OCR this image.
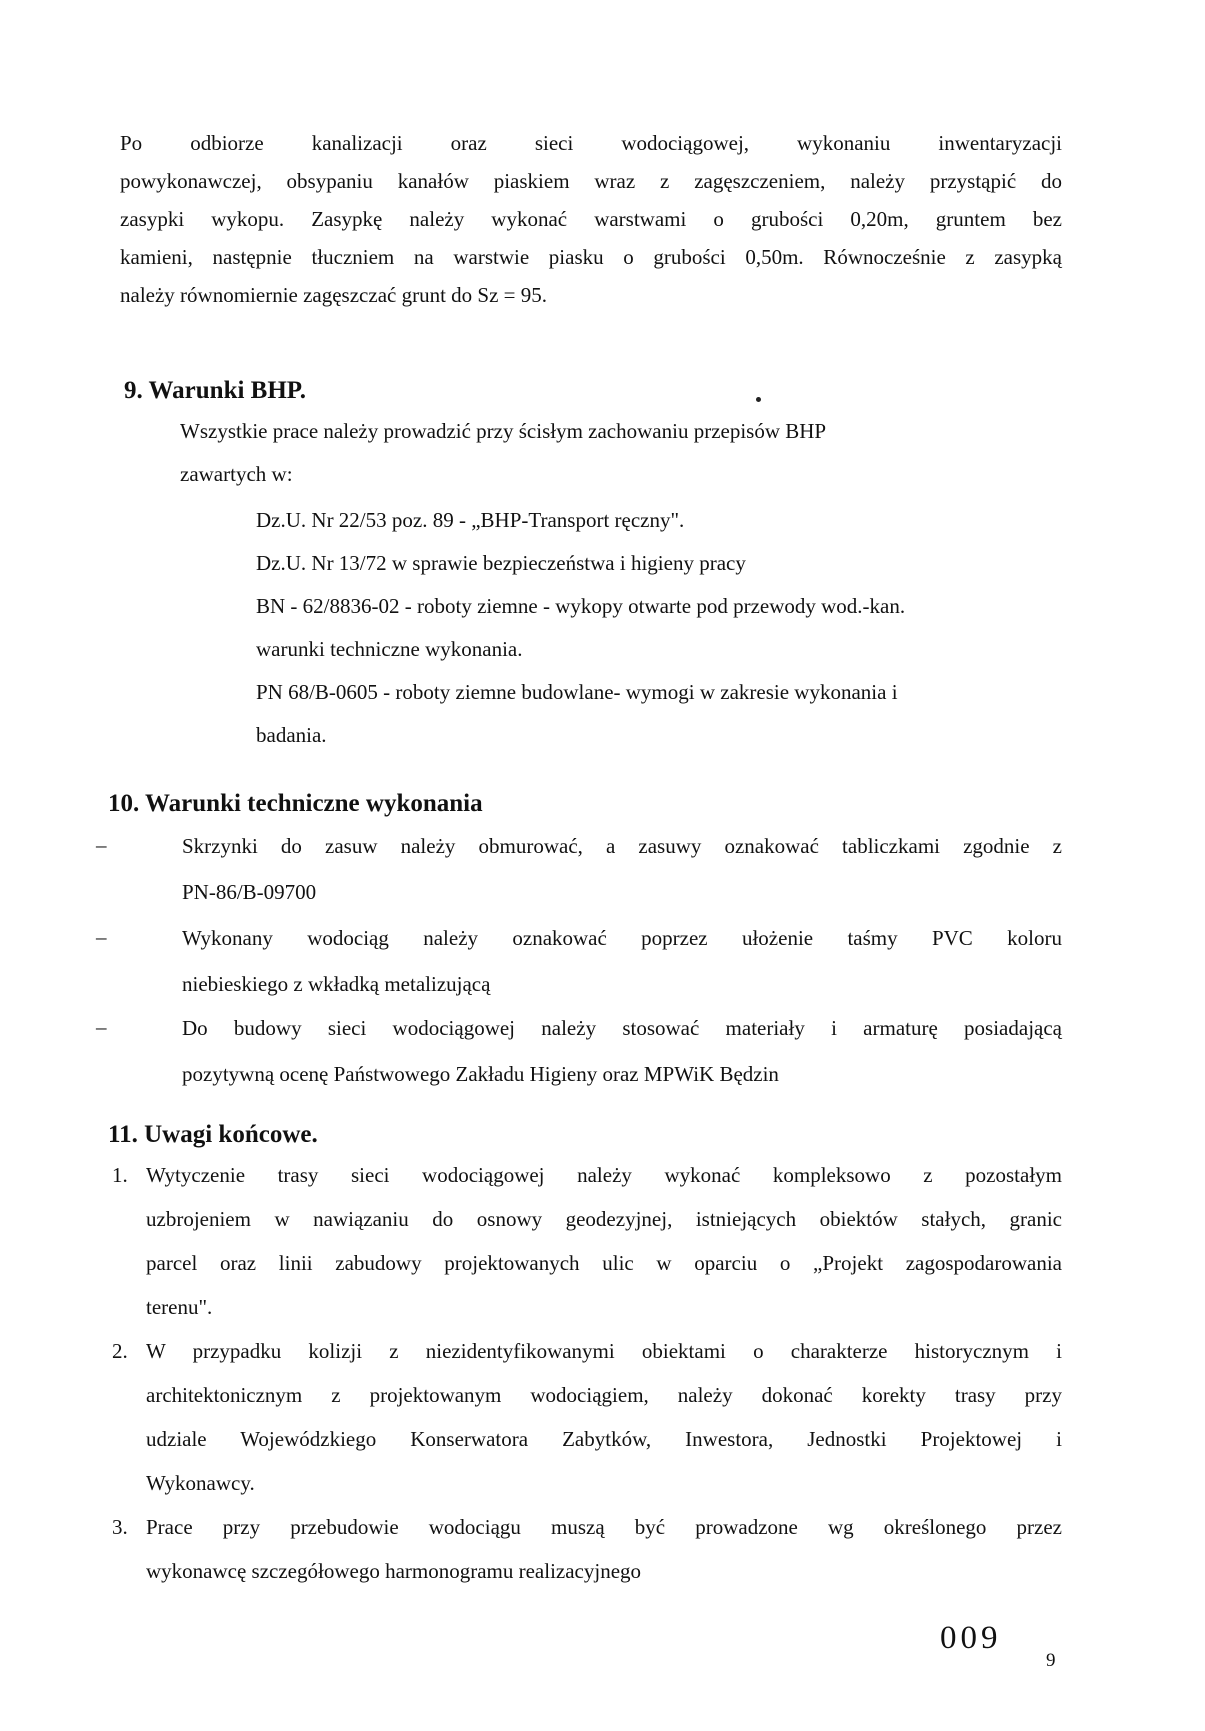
Po odbiorze kanalizacji oraz sieci wodociągowej, wykonaniu inwentaryzacji
powykonawczej, obsypaniu kanałów piaskiem wraz z zagęszczeniem, należy przystąpić do
zasypki wykopu. Zasypkę należy wykonać warstwami o grubości 0,20m, gruntem bez
kamieni, następnie tłuczniem na warstwie piasku o grubości 0,50m. Równocześnie z zasypką
należy równomiernie zagęszczać grunt do Sz = 95.
9. Warunki BHP.
Wszystkie prace należy prowadzić przy ścisłym zachowaniu przepisów BHP
zawartych w:
Dz.U. Nr 22/53 poz. 89 - „BHP-Transport ręczny".
Dz.U. Nr 13/72 w sprawie bezpieczeństwa i higieny pracy
BN - 62/8836-02 - roboty ziemne - wykopy otwarte pod przewody wod.-kan.
warunki techniczne wykonania.
PN 68/B-0605 - roboty ziemne budowlane- wymogi w zakresie wykonania i
badania.
10. Warunki techniczne wykonania
–	Skrzynki do zasuw należy obmurować, a zasuwy oznakować tabliczkami zgodnie z
PN-86/B-09700
–	Wykonany wodociąg należy oznakować poprzez ułożenie taśmy PVC koloru
niebieskiego z wkładką metalizującą
–	Do budowy sieci wodociągowej należy stosować materiały i armaturę posiadającą
pozytywną ocenę Państwowego Zakładu Higieny oraz MPWiK Będzin
11. Uwagi końcowe.
1. Wytyczenie trasy sieci wodociągowej należy wykonać kompleksowo z pozostałym
uzbrojeniem w nawiązaniu do osnowy geodezyjnej, istniejących obiektów stałych, granic
parcel oraz linii zabudowy projektowanych ulic w oparciu o „Projekt zagospodarowania
terenu".
2. W przypadku kolizji z niezidentyfikowanymi obiektami o charakterze historycznym i
architektonicznym z projektowanym wodociągiem, należy dokonać korekty trasy przy
udziale Wojewódzkiego Konserwatora Zabytków, Inwestora, Jednostki Projektowej i
Wykonawcy.
3. Prace przy przebudowie wodociągu muszą być prowadzone wg określonego przez
wykonawcę szczegółowego harmonogramu realizacyjnego
009
9
